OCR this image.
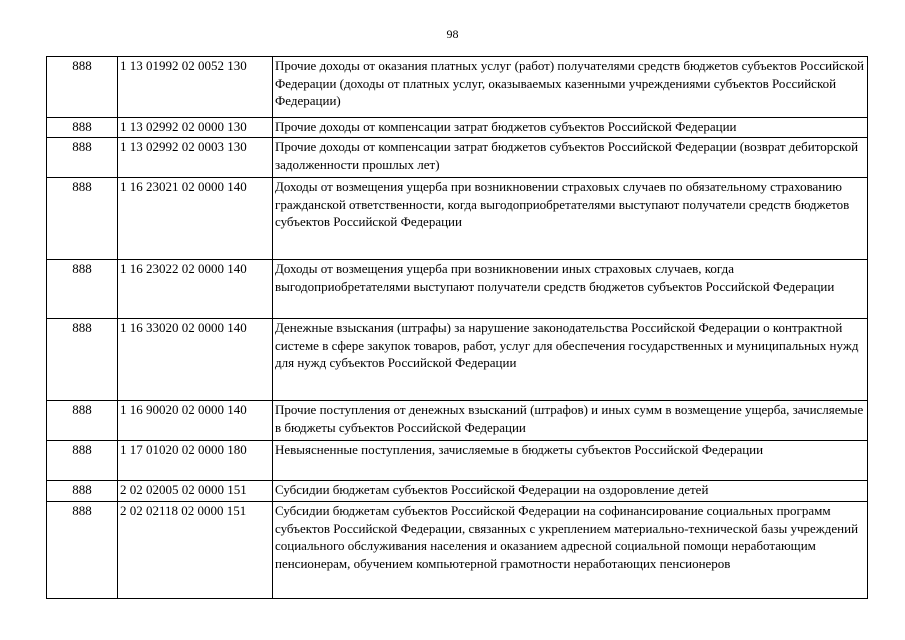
98
888	1 13 01992 02 0052 130	Прочие доходы от оказания платных услуг (работ) получателями средств бюджетов субъектов Российской Федерации (доходы от платных услуг, оказываемых казенными учреждениями субъектов Российской Федерации)
888	1 13 02992 02 0000 130	Прочие доходы от компенсации затрат бюджетов субъектов Российской Федерации
888	1 13 02992 02 0003 130	Прочие доходы от компенсации затрат бюджетов субъектов Российской Федерации (возврат дебиторской задолженности прошлых лет)
888	1 16 23021 02 0000 140	Доходы от возмещения ущерба при возникновении страховых случаев по обязательному страхованию гражданской ответственности, когда выгодоприобретателями выступают получатели средств бюджетов субъектов Российской Федерации
888	1 16 23022 02 0000 140	Доходы от возмещения ущерба при возникновении иных страховых случаев, когда выгодоприобретателями выступают получатели средств бюджетов субъектов Российской Федерации
888	1 16 33020 02 0000 140	Денежные взыскания (штрафы) за нарушение законодательства Российской Федерации о контрактной системе в сфере закупок товаров, работ, услуг для обеспечения государственных и муниципальных нужд для нужд субъектов Российской Федерации
888	1 16 90020 02 0000 140	Прочие поступления от денежных взысканий (штрафов) и иных сумм в возмещение ущерба, зачисляемые в бюджеты субъектов Российской Федерации
888	1 17 01020 02 0000 180	Невыясненные поступления, зачисляемые в бюджеты субъектов Российской Федерации
888	2 02 02005 02 0000 151	Субсидии бюджетам субъектов Российской Федерации на оздоровление детей
888	2 02 02118 02 0000 151	Субсидии бюджетам субъектов Российской Федерации на софинансирование социальных программ субъектов Российской Федерации, связанных с укреплением материально-технической базы учреждений социального обслуживания населения и оказанием адресной социальной помощи неработающим пенсионерам, обучением компьютерной грамотности неработающих пенсионеров
